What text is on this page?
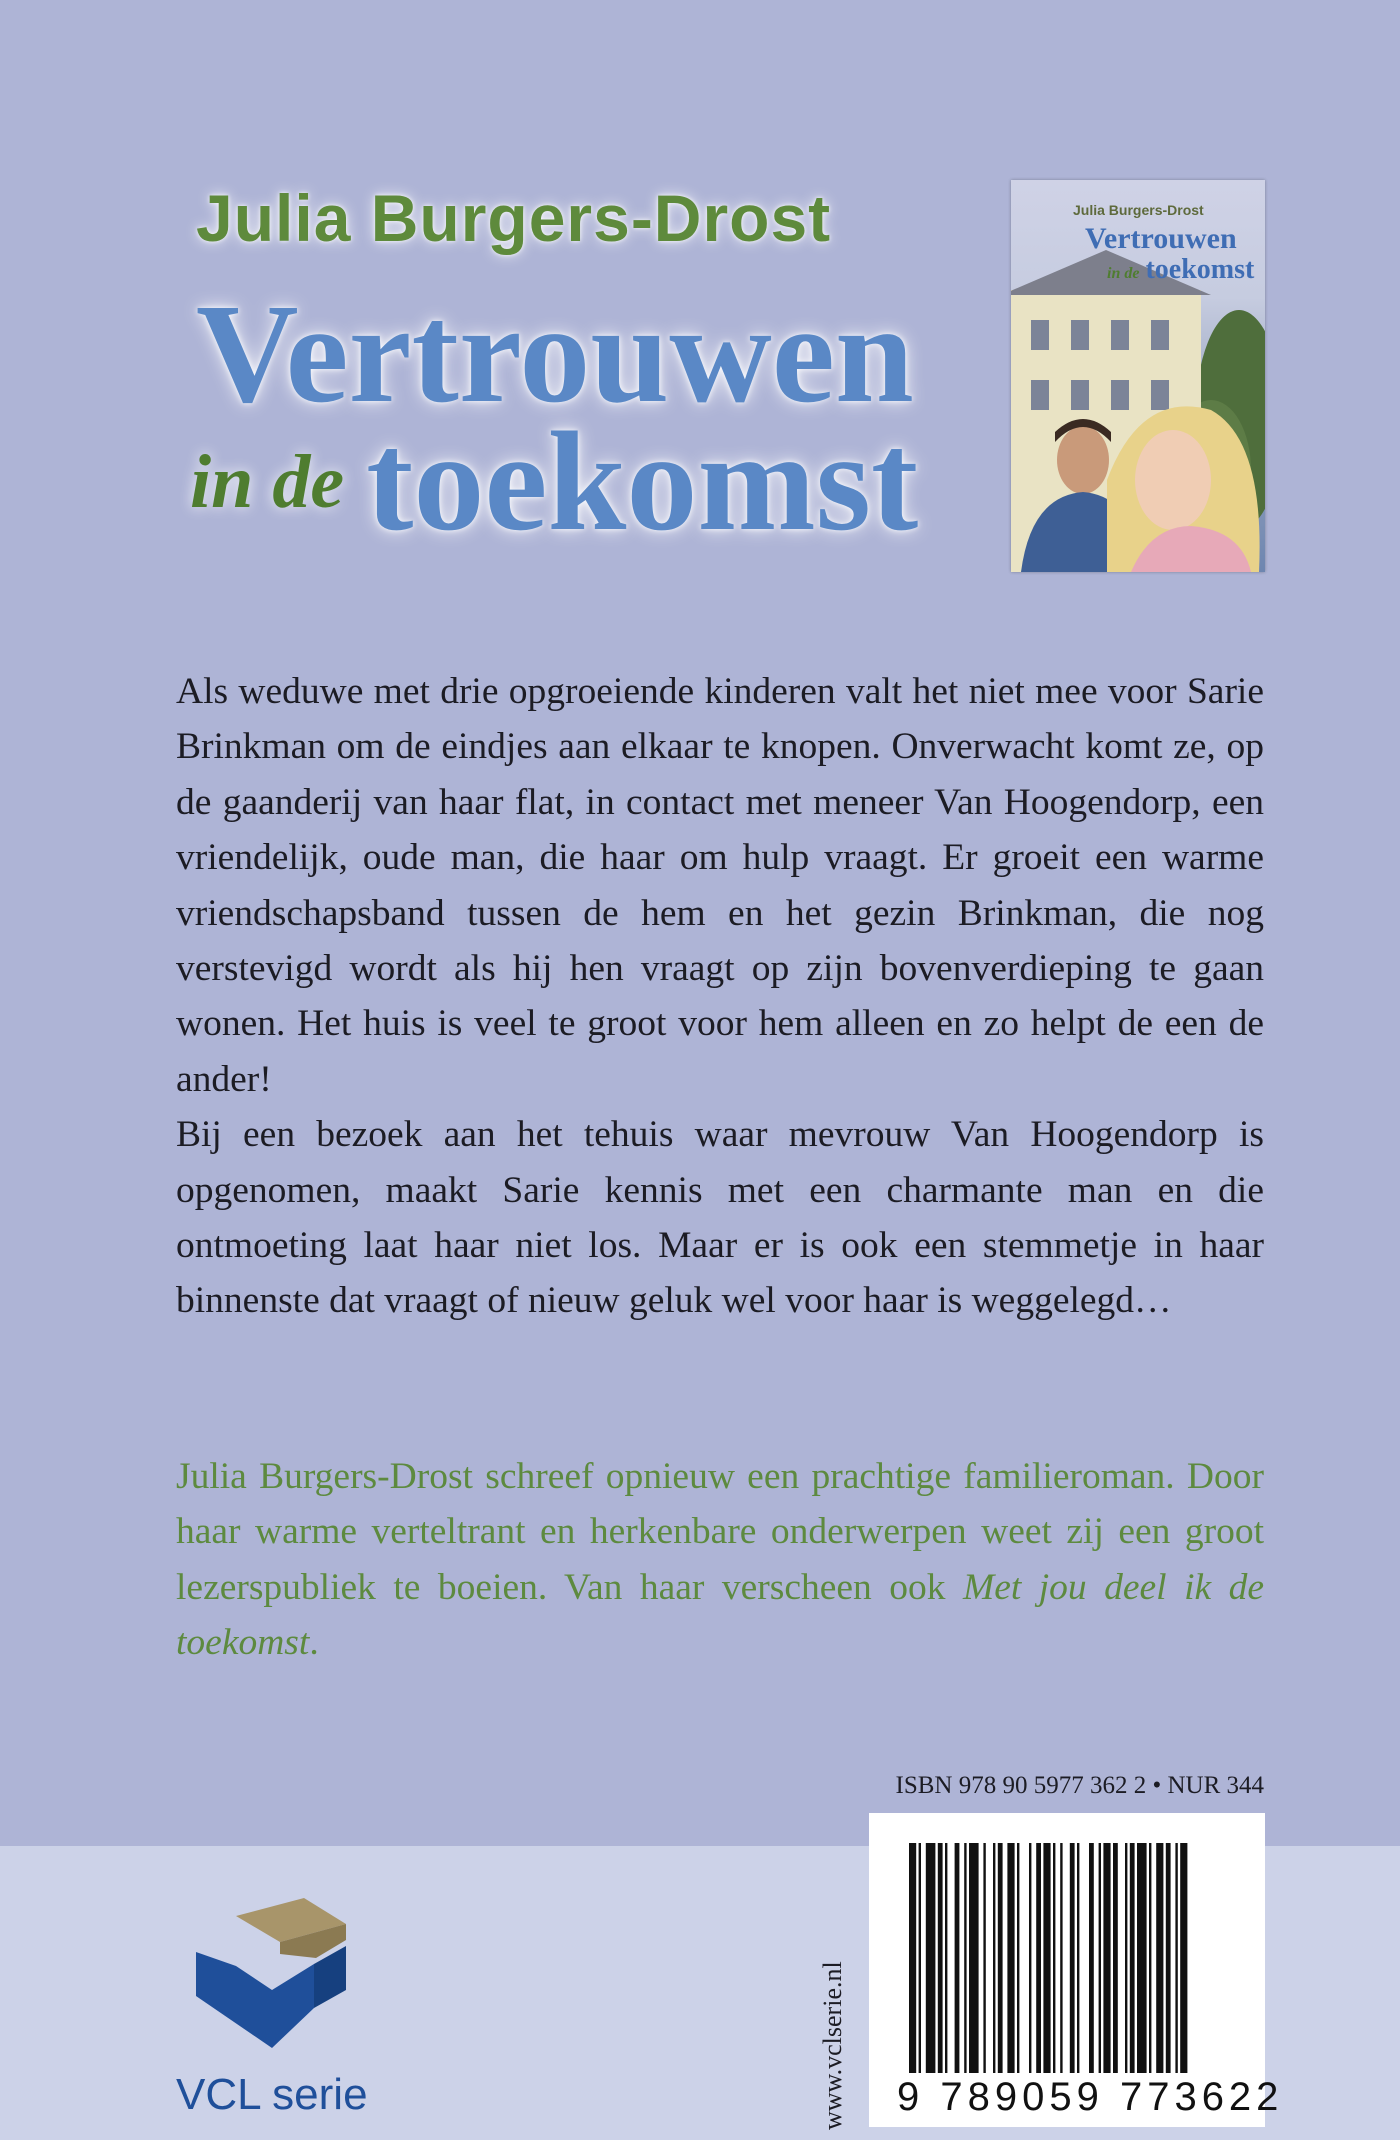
Julia Burgers-Drost
Vertrouwen
in de toekomst
Julia Burgers-Drost
Vertrouwen
in de toekomst

Als weduwe met drie opgroeiende kinderen valt het niet mee voor Sarie Brinkman om de eindjes aan elkaar te knopen. Onverwacht komt ze, op de gaanderij van haar flat, in contact met meneer Van Hoogendorp, een vriendelijk, oude man, die haar om hulp vraagt. Er groeit een warme vriendschapsband tussen de hem en het gezin Brinkman, die nog verstevigd wordt als hij hen vraagt op zijn bovenverdieping te gaan wonen. Het huis is veel te groot voor hem alleen en zo helpt de een de ander!

Bij een bezoek aan het tehuis waar mevrouw Van Hoogendorp is opgenomen, maakt Sarie kennis met een charmante man en die ontmoeting laat haar niet los. Maar er is ook een stemmetje in haar binnenste dat vraagt of nieuw geluk wel voor haar is weggelegd…

Julia Burgers-Drost schreef opnieuw een prachtige familieroman. Door haar warme verteltrant en herkenbare onderwerpen weet zij een groot lezerspubliek te boeien. Van haar verscheen ook Met jou deel ik de toekomst.
ISBN 978 90 5977 362 2 • NUR 344
VCL serie	www.vclserie.nl 9 789059 773622
